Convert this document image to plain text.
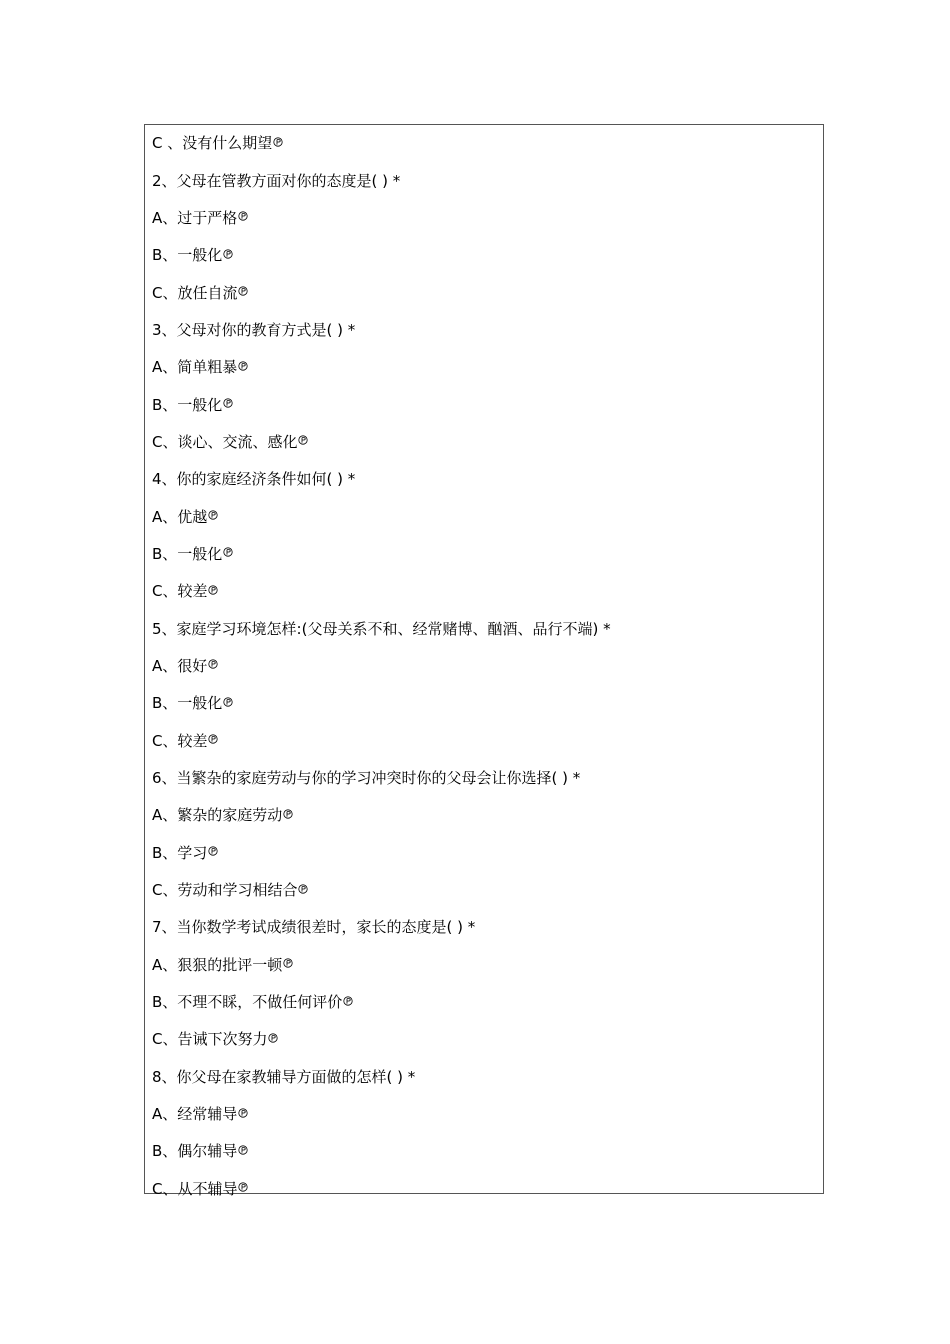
C 、没有什么期望
2、父母在管教方面对你的态度是( ) *
A、过于严格
B、一般化
C、放任自流
3、父母对你的教育方式是( ) *
A、简单粗暴
B、一般化
C、谈心、交流、感化
4、你的家庭经济条件如何( ) *
A、优越
B、一般化
C、较差
5、家庭学习环境怎样:(父母关系不和、经常赌博、酗酒、品行不端) *
A、很好
B、一般化
C、较差
6、当繁杂的家庭劳动与你的学习冲突时你的父母会让你选择( ) *
A、繁杂的家庭劳动
B、学习
C、劳动和学习相结合
7、当你数学考试成绩很差时，家长的态度是( ) *
A、狠狠的批评一顿
B、不理不睬，不做任何评价
C、告诫下次努力
8、你父母在家教辅导方面做的怎样( ) *
A、经常辅导
B、偶尔辅导
C、从不辅导
